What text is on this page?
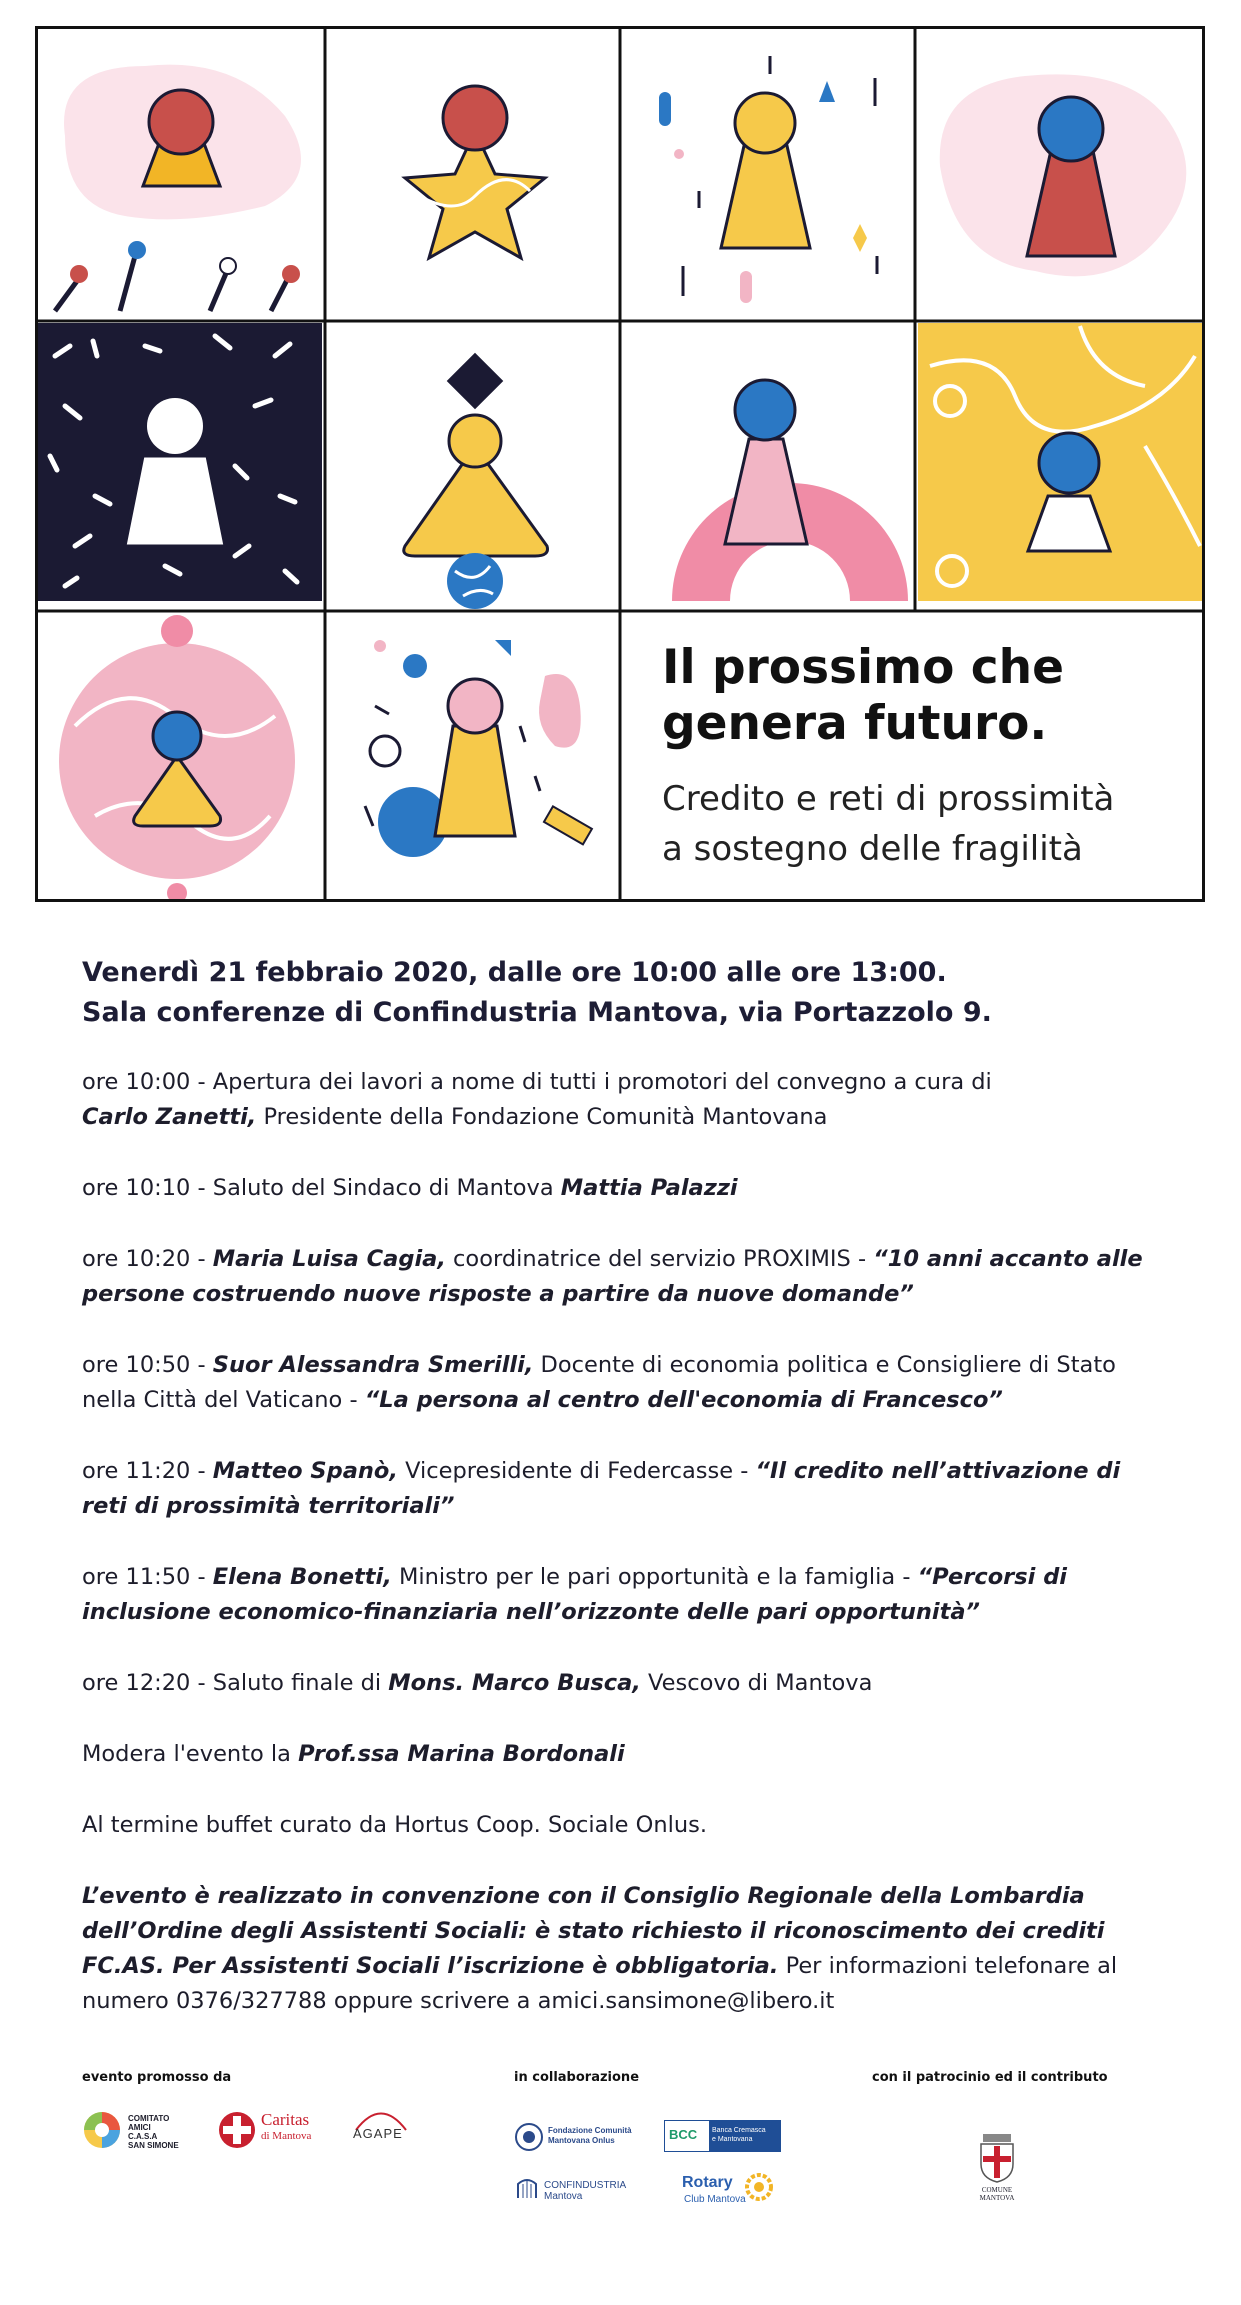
Il prossimo che
genera futuro.
Credito e reti di prossimità
a sostegno delle fragilità
Venerdì 21 febbraio 2020, dalle ore 10:00 alle ore 13:00.
Sala conferenze di Confindustria Mantova, via Portazzolo 9.

ore 10:00 - Apertura dei lavori a nome di tutti i promotori del convegno a cura di
Carlo Zanetti, Presidente della Fondazione Comunità Mantovana

ore 10:10 - Saluto del Sindaco di Mantova Mattia Palazzi

ore 10:20 - Maria Luisa Cagia, coordinatrice del servizio PROXIMIS - “10 anni accanto alle persone costruendo nuove risposte a partire da nuove domande”

ore 10:50 - Suor Alessandra Smerilli, Docente di economia politica e Consigliere di Stato nella Città del Vaticano - “La persona al centro dell'economia di Francesco”

ore 11:20 - Matteo Spanò, Vicepresidente di Federcasse - “Il credito nell’attivazione di reti di prossimità territoriali”

ore 11:50 - Elena Bonetti, Ministro per le pari opportunità e la famiglia - “Percorsi di inclusione economico-finanziaria nell’orizzonte delle pari opportunità”

ore 12:20 - Saluto finale di Mons. Marco Busca, Vescovo di Mantova

Modera l'evento la Prof.ssa Marina Bordonali

Al termine buffet curato da Hortus Coop. Sociale Onlus.

L’evento è realizzato in convenzione con il Consiglio Regionale della Lombardia dell’Ordine degli Assistenti Sociali: è stato richiesto il riconoscimento dei crediti FC.AS. Per Assistenti Sociali l’iscrizione è obbligatoria. Per informazioni telefonare al numero 0376/327788 oppure scrivere a amici.sansimone@libero.it

evento promosso da	in collaborazione	con il patrocinio ed il contributo
COMITATO AMICI
C.A.S.A
SAN SIMONE
Caritas
di Mantova	AGAPE	Fondazione Comunità
Mantovana Onlus	BCC Banca Cremasca
e Mantovana
CONFINDUSTRIA
Mantova
Rotary
Club Mantova
COMUNE
MANTOVA
